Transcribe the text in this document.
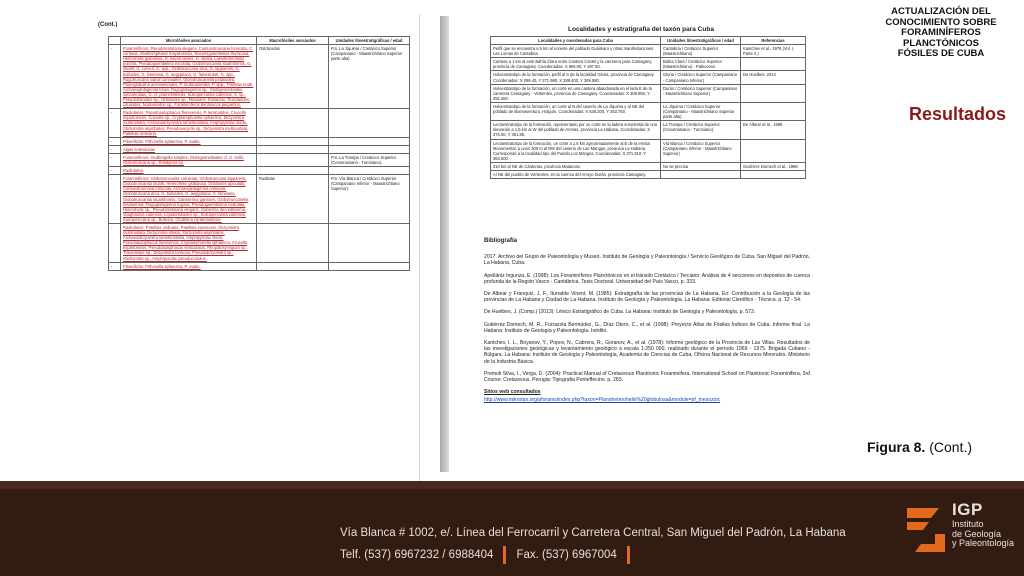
(Cont.)
	Microfósiles asociados	Macrofósiles asociados	Unidades litoestratigráficas / edad
-	Foraminíferos: Pseudotextularia elegans, Contusotruncana fornicata, C. contusa, Abathomphalus mayaroensis, Racemiguembelina fructicosa, Heterohelix globulosa, H. navarroensis, H. striata, Laeviheterohelix pulchra, Pseudoguembelina excolata, Globotruncanita stuartiformis, G. stuarti, G. conica, G. spp., Globotruncana arca, G. lapparenti, G. bulloides, G. linneiana, G. aegyptiaca, G. falsostuarti, G. spp., Rugotruncana subcircumnodifer, Globotruncanella petaloidea, Planoglobulina acervulinoides, P. multicamerata, P. spp., Trinitella scotti, Archaeoglobigerina blowi, Rugoglobigerina sp., Globigerinelloides subcarinatus, G. cf. prairiehillensis, Sulcoperculina cubensis, S. sp., Pseudorbitoides sp., Orbitoides sp., Miliolidos, Rotalidos, Textularidos, Lituolidos, Nodosaridos sp., Foraminíferos bentónicos pequeños.	Ostrácodos	Fm. La Jíquima / Cretácico Superior (Campaniano - Maastrichtiano Superior parte alta)
-	Radiolarios: Pseudoaulophacus floresensis, P. lenticulatus, Crucella espartoensis, Crucella sp., Cryptamphorella sphaerica, Dictyomitra multicostata, Archaeodictyomitra lamellicostata, Amphipyndax stocki, Stichomitra asymbatos, Pseudoeucyrtis sp., Dictyomitra multicostata, Patellula ordinaria.		
-	Pitonélidos: Pithonella sphaerica, P. ovalis.		
-	Algas solenáceas		
-	Foraminíferos: Hedbergella simplex, Globigerinelloides cf. G. bollii, Globotruncana sp., Rotalipora sp.		Fm. La Trampa / Cretácico Superior (Cenomaniano - Turoniano).
-	Radiolarios		
-	Foraminíferos: Globotruncanita calcarata, Globotruncana lapparenti, Globotruncanita stuarti, Heterohelix globulosa, Orbitoides apiculata, Contusotruncana fornicata, Archaeoglobigerina cretacea, Globotruncana arca, G. bulloides, G. aegyptiaca, G. linneiana, Globotruncanita stuartiformis, Gansserina gansseri, Globotruncanella havanensis, Rugoglobigerina rugosa, Pseudoguembelina costulata, Heterohelix sp., Pseudotextularia elegans, Gublerina decoratissima, Vaughanina cubensis, Lepidorbitoides sp., Sulcoperculina cubensis, Sulcoperculina sp., Bolivina, Chubbina cardenasensis.	Rudistas	Fm. Vía Blanca / Cretácico Superior (Campaniano Inferior - Maastrichtiano Superior).
-	Radiolarios: Patellula ordinaria, Patellula euessceei, Dictyomitra multicostata, Dictyomitra striata, Stichomitra asymbatos, Archaeodictyomitra lamellicostata, Amphipyndax stocki, Pseudoaulophacus floresensis, Cryptamphorella sphaerica, Crucella espartoensis, Pseudoaulophacus lenticulatus, Rhopalosyringium sp., Theocampe sp., Dictyomitra formosa, Pseudodictyomitra sp., Stichomitra sp., Amphipyndax pseudoconulus.		
-	Pitonélidos: Pithonella sphaerica, P. ovalis.		
Localidades y estratigrafía del taxón para Cuba
Localidades y coordenadas para Cuba	Unidades litoestratigráficas / edad	Referencias
Perfil que se encuentra a 5 km al noreste del poblado Guáimaro y otras manifestaciones Las Lomas de Cantabria.	Cantabria / Cretácico Superior (Maastrichtiano)	Kantchev et al., 1978 (Vol. I, Parte 2.)
Cantera a 1 km al este Bahía Clara entre Cantera Cantel y la carretera para Camagüey, provincia de Camagüey. Coordenadas: X 806.00, Y 287.50.	Bahía Clara / Cretácico Superior (Maastrichtiano) - Paleoceno	
Holoestratotipo de la formación, perfil al S de la localidad Gloria, provincia de Camagüey. Coordenadas: X 299.40, Y 271.980, X 289.400, Y 269.580.	Gloria / Cretácico Superior (Campaniano - Campaniano Inferior)	De Huelbes, 2013
Holoestratotipo de la formación, un corte en una cantera abandonada en el lado E de la carretera Camagüey - Vertientes, provincia de Camagüey. Coordenadas: X 309.850, Y 291.260.	Durán / Cretácico Superior (Campaniano - Maastrichtiano Superior)	
Holoestratotipo de la formación, un corte al N del caserío de La Jíquima y al NE del poblado de Buenaventura, Holguín. Coordenadas: X 636.200, Y 263.750.	La Jíquima / Cretácico Superior (Campaniano - Maastrichtiano Superior parte alta)	
Lectoestratotipo de la formación, representado por un corte en la ladera suroriental de una elevación a 1,5 km al W del poblado de Arenas, provincia La Habana. Coordenadas: X 376.00, Y 361.85.	La Trampa / Cretácico Superior (Cenomaniano - Turoniano).	De Albear et al., 1988
Lectoestratotipo de la formación, un corte a 1,5 km aproximadamente al E de la ermita Monumental, a unos 300 m al NW del caserío de Las Mangas, provincia La Habana. Corresponde a la localidad tipo del Pueblo Los Mangos. Coordenadas: X 371.910, Y 363.500.	Vía Blanca / Cretácico Superior (Campaniano Inferior - Maastrichtiano Superior)	
310 km al NE de Cárdenas, provincia Matanzas.	No se precisa	Gutiérrez Domech et al., 1998
Al NE del pueblo de Vertientes, en la cuenca del Arroyo Durán, provincia Camagüey.		
Bibliografía

2017. Archivo del Grupo de Paleontología y Museo. Instituto de Geología y Paleontología / Servicio Geológico de Cuba. San Miguel del Padrón, La Habana, Cuba.

Apellániz Ingunza, E. (1998): Los Foraminíferos Planctónicos en el tránsito Cretácico / Terciario: Análisis de 4 secciones en depósitos de cuenca profunda de la Región Vasco - Cantábrica. Tesis Doctoral. Universidad del País Vasco, p. 333.

De Albear y Franquiz, J. F., Iturralde Vinent, M. (1985): Estratigrafía de las provincias de La Habana. En: Contribución a la Geología de las provincias de La Habana y Ciudad de La Habana. Instituto de Geología y Paleontología. La Habana: Editorial Científico - Técnica. p. 12 - 54.

De Huelbes, J. (Comp.) (2013): Léxico Estratigráfico de Cuba. La Habana: Instituto de Geología y Paleontología. p. 573.

Gutiérrez Domech, M. R., Furrazola Bermúdez, G., Díaz Otero, C., et al. (1998): Proyecto Atlas de Fósiles Índices de Cuba. Informe final. La Habana: Instituto de Geología y Paleontología. Inédito.

Kantchev, I. L., Boyanov, Y., Popov, N., Cabrera, R., Goranov, A., et al. (1978): Informe geológico de la Provincia de Las Villas. Resultados de las investigaciones geológicas y levantamiento geológico a escala 1:250 000, realizado durante el período 1969 - 1975. Brigada Cubano - Búlgara. La Habana: Instituto de Geología y Paleontología, Academia de Ciencias de Cuba, Oficina Nacional de Recursos Minerales. Ministerio de la Industria Básica.

Premoli Silva, I., Verga, D. (2004): Practical Manual of Cretaceous Planktonic Foraminifera. International School on Planktonic Foraminifera, 3rd Course: Cretaceous. Perugia: Tipografia Ponteffecino. p. 283.

Sitios web consultados
http://www.mikrotax.org/pforams/index.php?taxon=Planoheterohelix%20globulosa&module=pf_mesozoic
ACTUALIZACIÓN DEL
CONOCIMIENTO SOBRE
FORAMINÍFEROS
PLANCTÓNICOS
FÓSILES DE CUBA
Resultados
Figura 8. (Cont.)
Vía Blanca # 1002, e/. Línea del Ferrocarril y Carretera Central, San Miguel del Padrón, La Habana
Telf. (537) 6967232 / 6988404 Fax. (537) 6967004
IGP
Instituto
de Geología
y Paleontología
